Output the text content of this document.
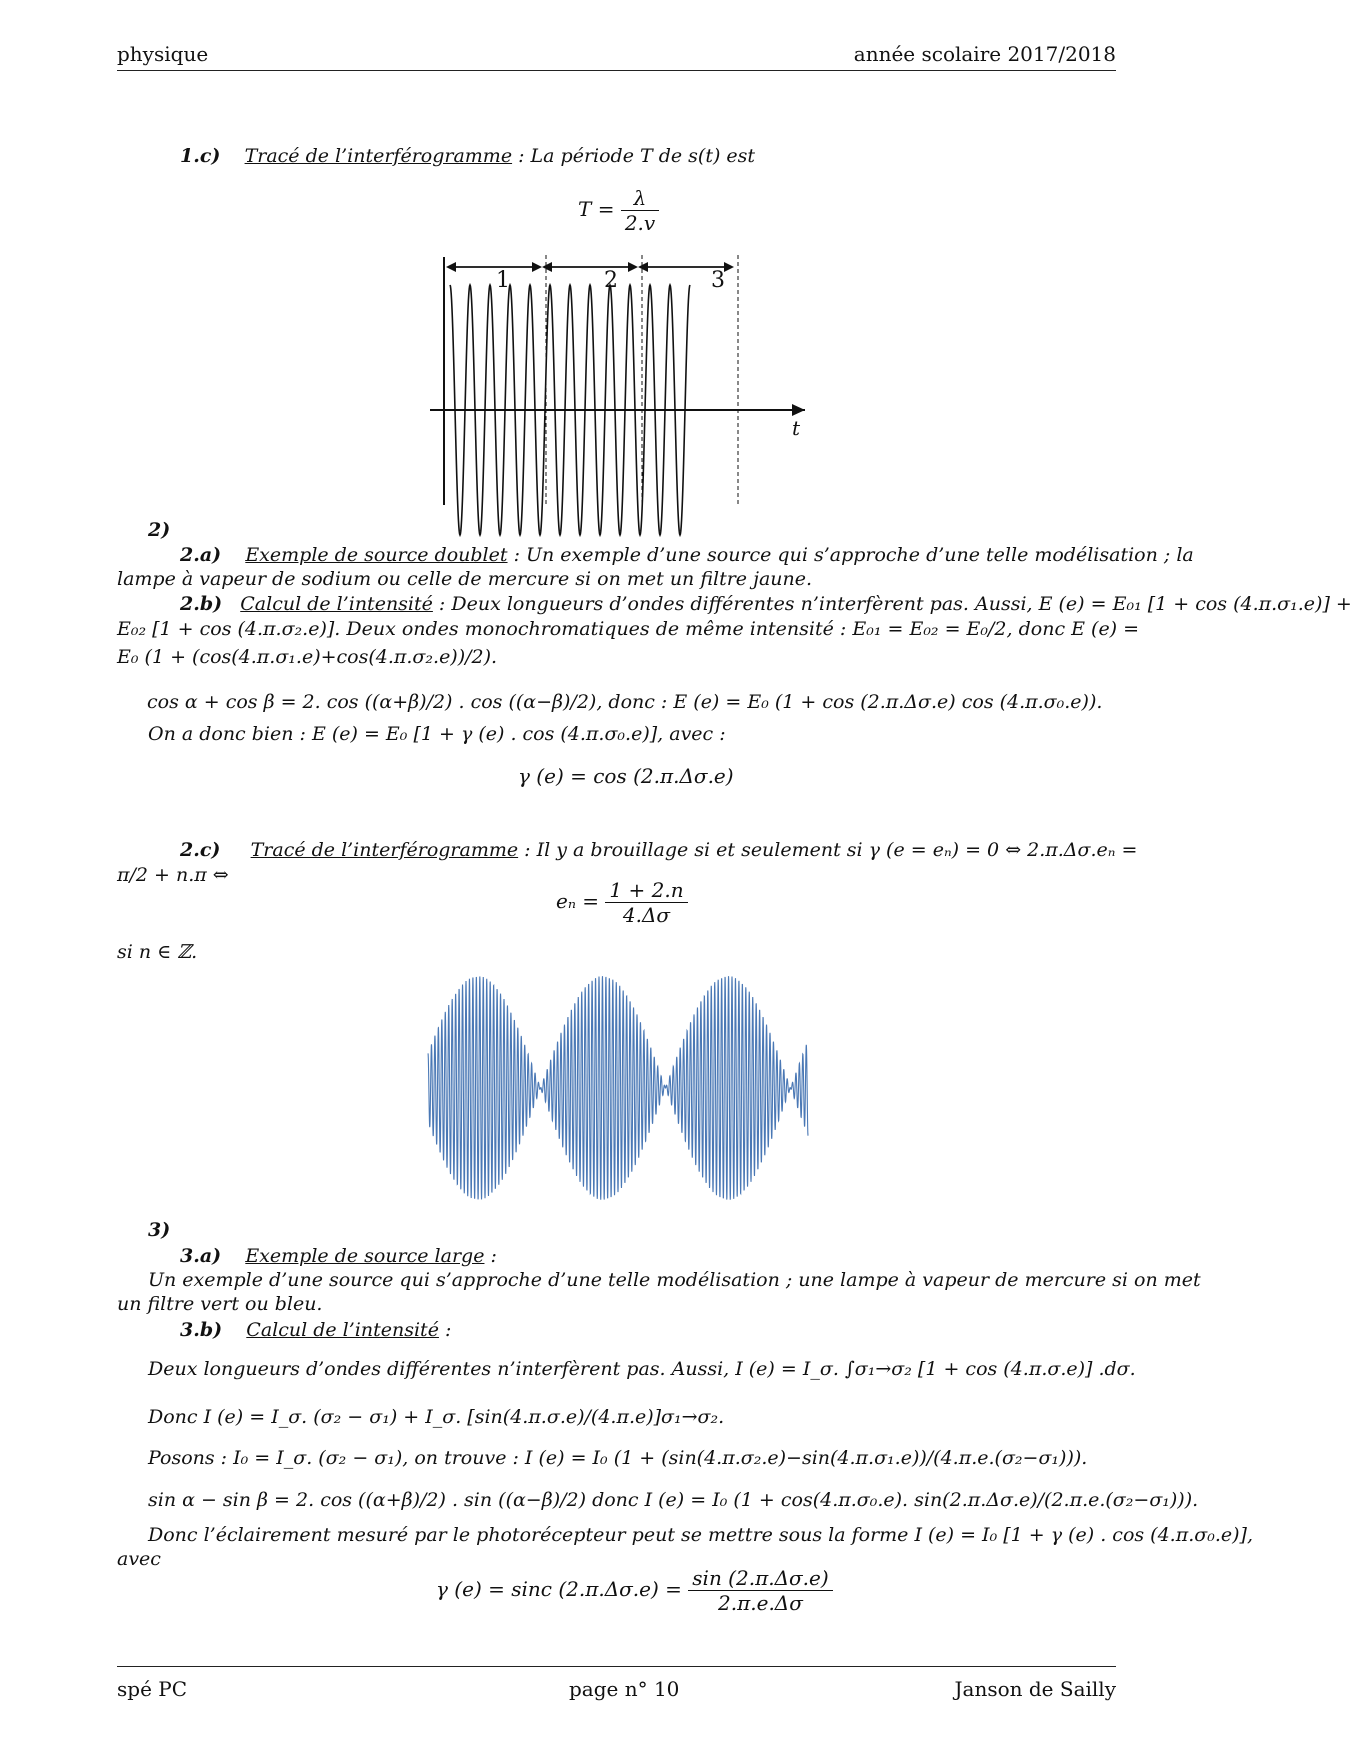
physique	année scolaire 2017/2018
1.c) Tracé de l’interférogramme : La période T de s(t) est
$T = \frac{\lambda}{2.v}$
t
1	2	3
2)
2.a) Exemple de source doublet : Un exemple d’une source qui s’approche d’une telle modélisation ; la
lampe à vapeur de sodium ou celle de mercure si on met un filtre jaune.
2.b) Calcul de l’intensité : Deux longueurs d’ondes différentes n’interfèrent pas. Aussi, E (e) = E₀₁ [1 + cos (4.π.σ₁.e)] +
E₀₂ [1 + cos (4.π.σ₂.e)]. Deux ondes monochromatiques de même intensité : E₀₁ = E₀₂ = E₀/2, donc E (e) =
E₀ (1 + (cos(4.π.σ₁.e)+cos(4.π.σ₂.e))/2).
cos α + cos β = 2. cos ((α+β)/2) . cos ((α−β)/2), donc : E (e) = E₀ (1 + cos (2.π.Δσ.e) cos (4.π.σ₀.e)).
On a donc bien : E (e) = E₀ [1 + γ (e) . cos (4.π.σ₀.e)], avec :
γ (e) = cos (2.π.Δσ.e)
2.c) Tracé de l’interférogramme : Il y a brouillage si et seulement si γ (e = eₙ) = 0 ⇔ 2.π.Δσ.eₙ =
π/2 + n.π ⇔
$e_n = \frac{1 + 2.n}{4.\Delta\sigma}$
si n ∈ ℤ.
3)
3.a) Exemple de source large :
Un exemple d’une source qui s’approche d’une telle modélisation ; une lampe à vapeur de mercure si on met
un filtre vert ou bleu.
3.b) Calcul de l’intensité :
Deux longueurs d’ondes différentes n’interfèrent pas. Aussi, I (e) = I_σ. ∫σ₁→σ₂ [1 + cos (4.π.σ.e)] .dσ.
Donc I (e) = I_σ. (σ₂ − σ₁) + I_σ. [sin(4.π.σ.e)/(4.π.e)]σ₁→σ₂.
Posons : I₀ = I_σ. (σ₂ − σ₁), on trouve : I (e) = I₀ (1 + (sin(4.π.σ₂.e)−sin(4.π.σ₁.e))/(4.π.e.(σ₂−σ₁))).
sin α − sin β = 2. cos ((α+β)/2) . sin ((α−β)/2) donc I (e) = I₀ (1 + cos(4.π.σ₀.e). sin(2.π.Δσ.e)/(2.π.e.(σ₂−σ₁))).
Donc l’éclairement mesuré par le photorécepteur peut se mettre sous la forme I (e) = I₀ [1 + γ (e) . cos (4.π.σ₀.e)],
avec
γ (e) = sinc $(2.\pi.\Delta\sigma.e) = \frac{\sin (2.\pi.\Delta\sigma.e)}{2.\pi.e.\Delta\sigma}$
spé PC	page n° 10	Janson de Sailly
